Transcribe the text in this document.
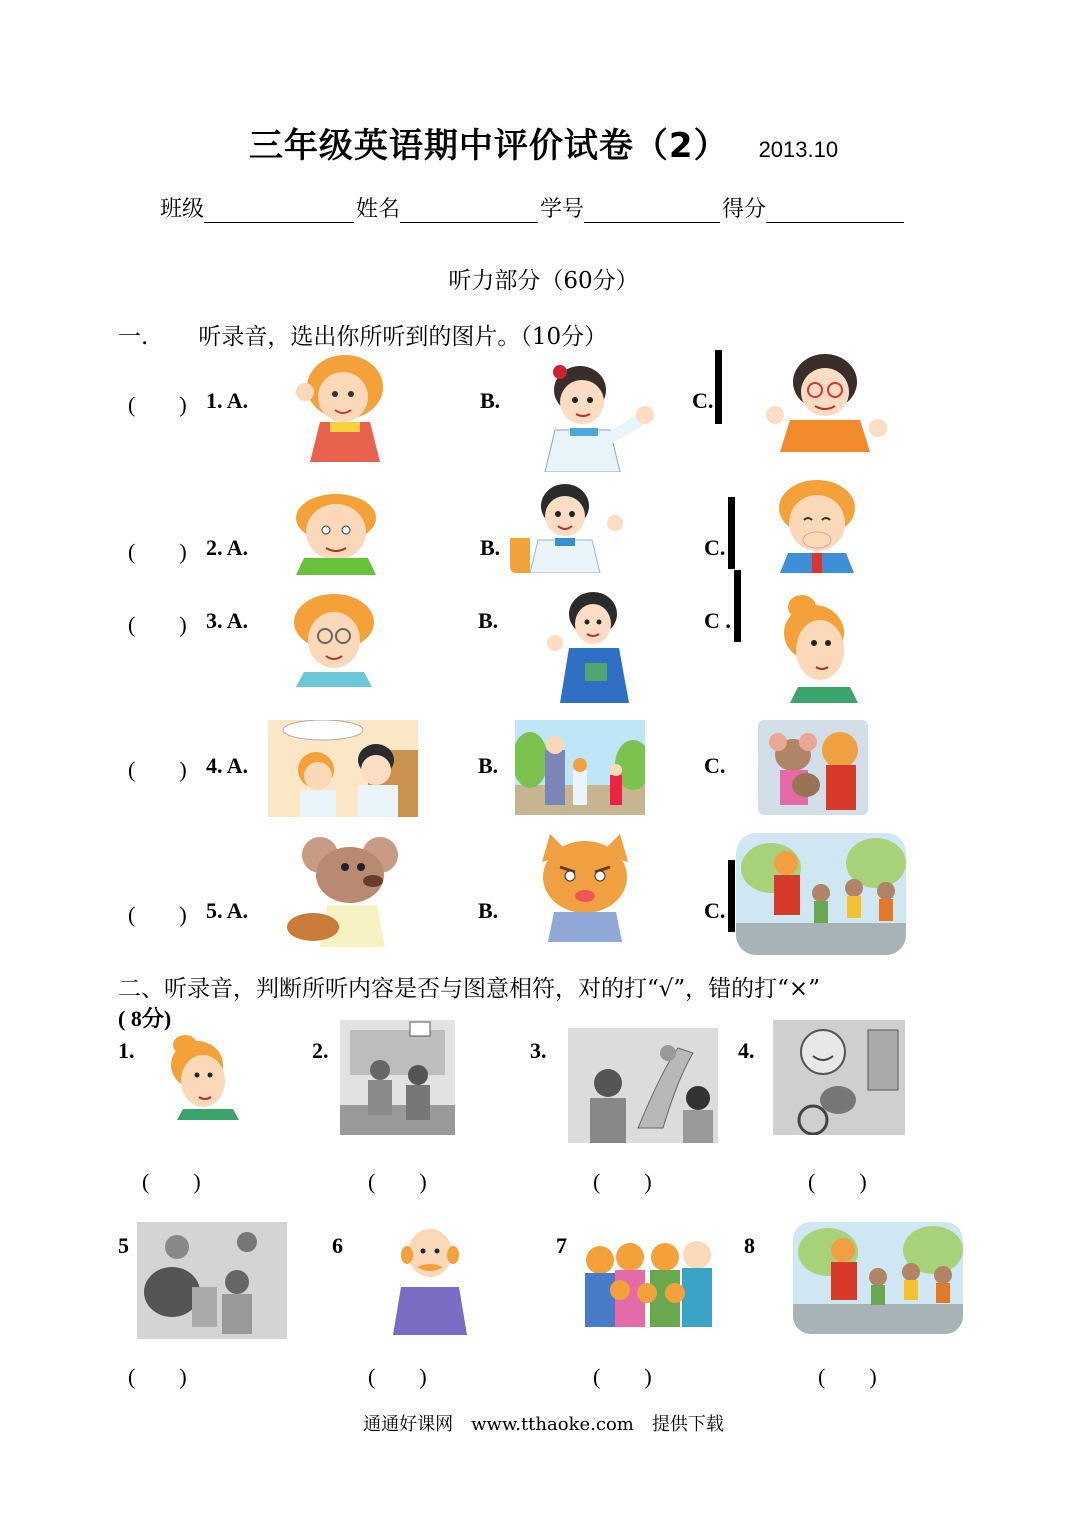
三年级英语期中评价试卷（2） 2013.10
班级	姓名	学号	得分
听力部分（60分）
一. 听录音，选出你所听到的图片。（10分）
(　　) 1. A.	B.	C.
(　　) 2. A.	B.	C.
(　　) 3. A.	B.	C .
(　　) 4. A.	B.	C.
(　　) 5. A.	B.	C.
二、听录音，判断所听内容是否与图意相符，对的打“√”，错的打“×”
( 8分)
1.	2.	3.	4.
(　　)	(　　)	(　　)	(　　)
5	6	7	8
(　　)	(　　)	(　　)	(　　)
通通好课网　www.tthaoke.com　提供下载
